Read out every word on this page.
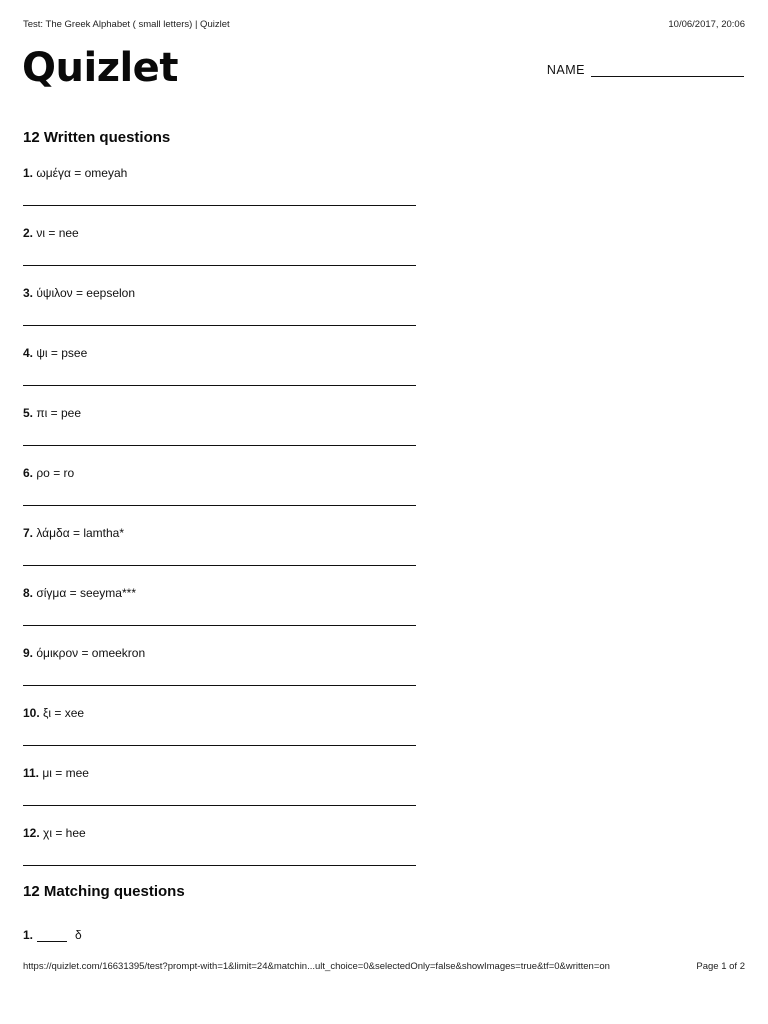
Test: The Greek Alphabet ( small letters) | Quizlet	10/06/2017, 20:06
Quizlet	NAME
12 Written questions
1. ωμέγα = omeyah
2. νι = nee
3. ύψιλον = eepselon
4. ψι = psee
5. πι = pee
6. ρο = ro
7. λάμδα = lamtha*
8. σίγμα = seeyma***
9. όμικρον = omeekron
10. ξι = xee
11. μι = mee
12. χι = hee
12 Matching questions
1.	δ
https://quizlet.com/16631395/test?prompt-with=1&limit=24&matchin...ult_choice=0&selectedOnly=false&showImages=true&tf=0&written=on	Page 1 of 2
